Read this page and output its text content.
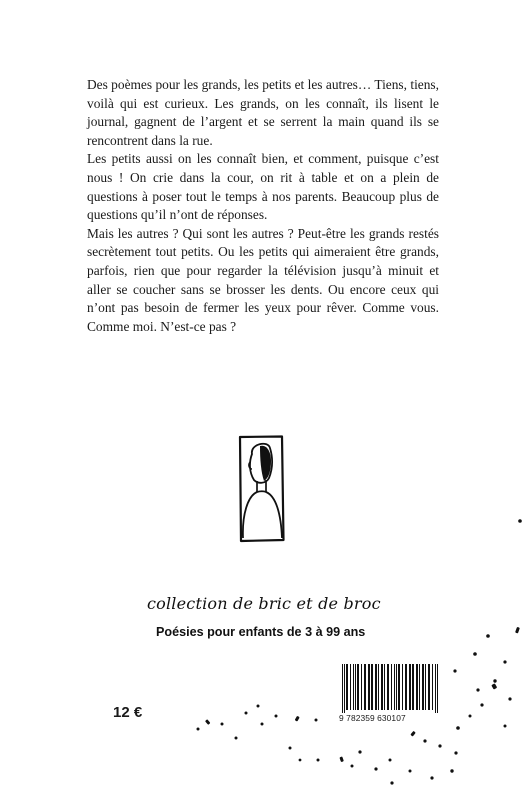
Des poèmes pour les grands, les petits et les autres… Tiens, tiens, voilà qui est curieux. Les grands, on les connaît, ils lisent le journal, gagnent de l’argent et se serrent la main quand ils se rencontrent dans la rue.

Les petits aussi on les connaît bien, et comment, puisque c’est nous ! On crie dans la cour, on rit à table et on a plein de questions à poser tout le temps à nos parents. Beaucoup plus de questions qu’il n’ont de réponses.

Mais les autres ? Qui sont les autres ? Peut-être les grands restés secrètement tout petits. Ou les petits qui aimeraient être grands, parfois, rien que pour regarder la télévision jusqu’à minuit et aller se coucher sans se brosser les dents. Ou encore ceux qui n’ont pas besoin de fermer les yeux pour rêver. Comme vous. Comme moi. N’est-ce pas ?

collection de bric et de broc
Poésies pour enfants de 3 à 99 ans
12 €	9 782359 630107
